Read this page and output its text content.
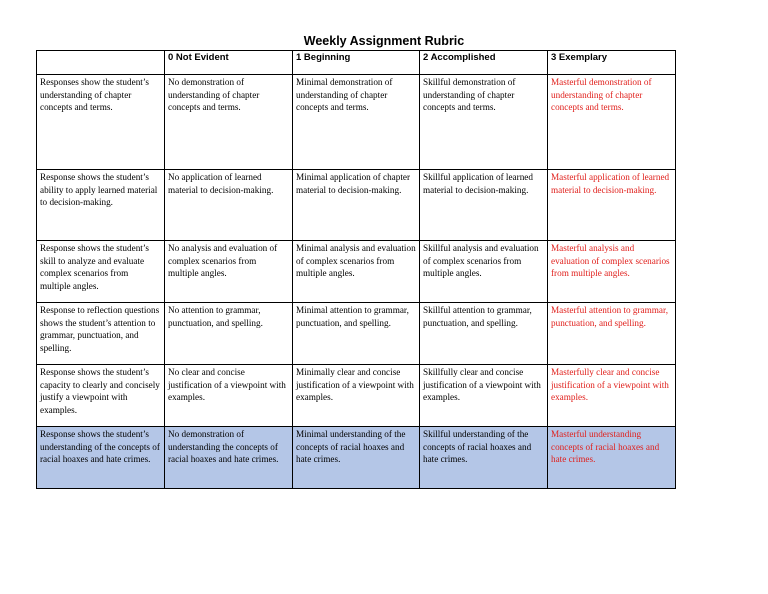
Weekly Assignment Rubric
	0 Not Evident	1 Beginning	2 Accomplished	3 Exemplary
Responses show the student’s understanding of chapter concepts and terms.	No demonstration of understanding of chapter concepts and terms.	Minimal demonstration of understanding of chapter concepts and terms.	Skillful demonstration of understanding of chapter concepts and terms.	Masterful demonstration of understanding of chapter concepts and terms.
Response shows the student’s ability to apply learned material to decision-making.	No application of learned material to decision-making.	Minimal application of chapter material to decision-making.	Skillful application of learned material to decision-making.	Masterful application of learned material to decision-making.
Response shows the student’s skill to analyze and evaluate complex scenarios from multiple angles.	No analysis and evaluation of complex scenarios from multiple angles.	Minimal analysis and evaluation of complex scenarios from multiple angles.	Skillful analysis and evaluation of complex scenarios from multiple angles.	Masterful analysis and evaluation of complex scenarios from multiple angles.
Response to reflection questions shows the student’s attention to grammar, punctuation, and spelling.	No attention to grammar, punctuation, and spelling.	Minimal attention to grammar, punctuation, and spelling.	Skillful attention to grammar, punctuation, and spelling.	Masterful attention to grammar, punctuation, and spelling.
Response shows the student’s capacity to clearly and concisely justify a viewpoint with examples.	No clear and concise justification of a viewpoint with examples.	Minimally clear and concise justification of a viewpoint with examples.	Skillfully clear and concise justification of a viewpoint with examples.	Masterfully clear and concise justification of a viewpoint with examples.
Response shows the student’s understanding of the concepts of racial hoaxes and hate crimes.	No demonstration of understanding the concepts of racial hoaxes and hate crimes.	Minimal understanding of the concepts of racial hoaxes and hate crimes.	Skillful understanding of the concepts of racial hoaxes and hate crimes.	Masterful understanding concepts of racial hoaxes and hate crimes.
